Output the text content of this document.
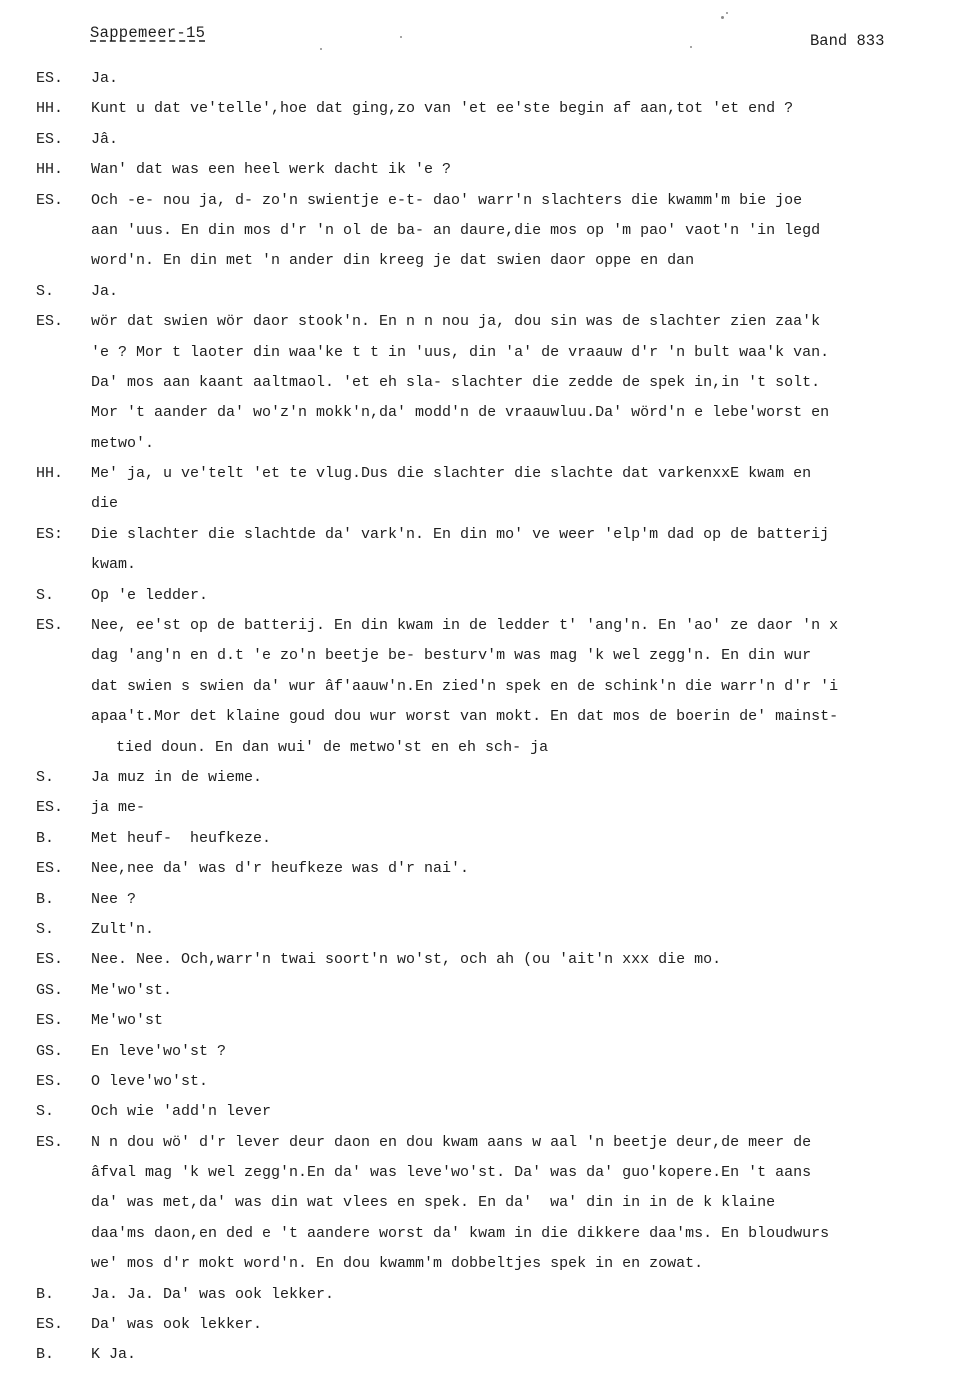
Sappemeer-15	Band 833
ES. Ja.
HH. Kunt u dat ve'telle',hoe dat ging,zo van 'et ee'ste begin af aan,tot 'et end ?
ES. Jâ.
HH. Wan' dat was een heel werk dacht ik 'e ?
ES. Och -e- nou ja, d- zo'n swientje e-t- dao' warr'n slachters die kwamm'm bie joe
aan 'uus. En din mos d'r 'n ol de ba- an daure,die mos op 'm pao' vaot'n 'in legd
word'n. En din met 'n ander din kreeg je dat swien daor oppe en dan
S. Ja.
ES. wör dat swien wör daor stook'n. En n n nou ja, dou sin was de slachter zien zaa'k
'e ? Mor t laoter din waa'ke t t in 'uus, din 'a' de vraauw d'r 'n bult waa'k van.
Da' mos aan kaant aaltmaol. 'et eh sla- slachter die zedde de spek in,in 't solt.
Mor 't aander da' wo'z'n mokk'n,da' modd'n de vraauwluu.Da' wörd'n e lebe'worst en
metwo'.
HH. Me' ja, u ve'telt 'et te vlug.Dus die slachter die slachte dat varkenxxE kwam en
die
ES: Die slachter die slachtde da' vark'n. En din mo' ve weer 'elp'm dad op de batterij
kwam.
S. Op 'e ledder.
ES. Nee, ee'st op de batterij. En din kwam in de ledder t' 'ang'n. En 'ao' ze daor 'n x
dag 'ang'n en d.t 'e zo'n beetje be- besturv'm was mag 'k wel zegg'n. En din wur
dat swien s swien da' wur âf'aauw'n.En zied'n spek en de schink'n die warr'n d'r 'i
apaa't.Mor det klaine goud dou wur worst van mokt. En dat mos de boerin de' mainst-
tied doun. En dan wui' de metwo'st en eh sch- ja
S. Ja muz in de wieme.
ES. ja me-
B. Met heuf-  heufkeze.
ES. Nee,nee da' was d'r heufkeze was d'r nai'.
B. Nee ?
S. Zult'n.
ES. Nee. Nee. Och,warr'n twai soort'n wo'st, och ah (ou 'ait'n xxx die mo.
GS. Me'wo'st.
ES. Me'wo'st
GS. En leve'wo'st ?
ES. O leve'wo'st.
S. Och wie 'add'n lever
ES. N n dou wö' d'r lever deur daon en dou kwam aans w aal 'n beetje deur,de meer de
âfval mag 'k wel zegg'n.En da' was leve'wo'st. Da' was da' guo'kopere.En 't aans
da' was met,da' was din wat vlees en spek. En da'  wa' din in in de k klaine
daa'ms daon,en ded e 't aandere worst da' kwam in die dikkere daa'ms. En bloudwurs
we' mos d'r mokt word'n. En dou kwamm'm dobbeltjes spek in en zowat.
B. Ja. Ja. Da' was ook lekker.
ES. Da' was ook lekker.
B. K Ja.
